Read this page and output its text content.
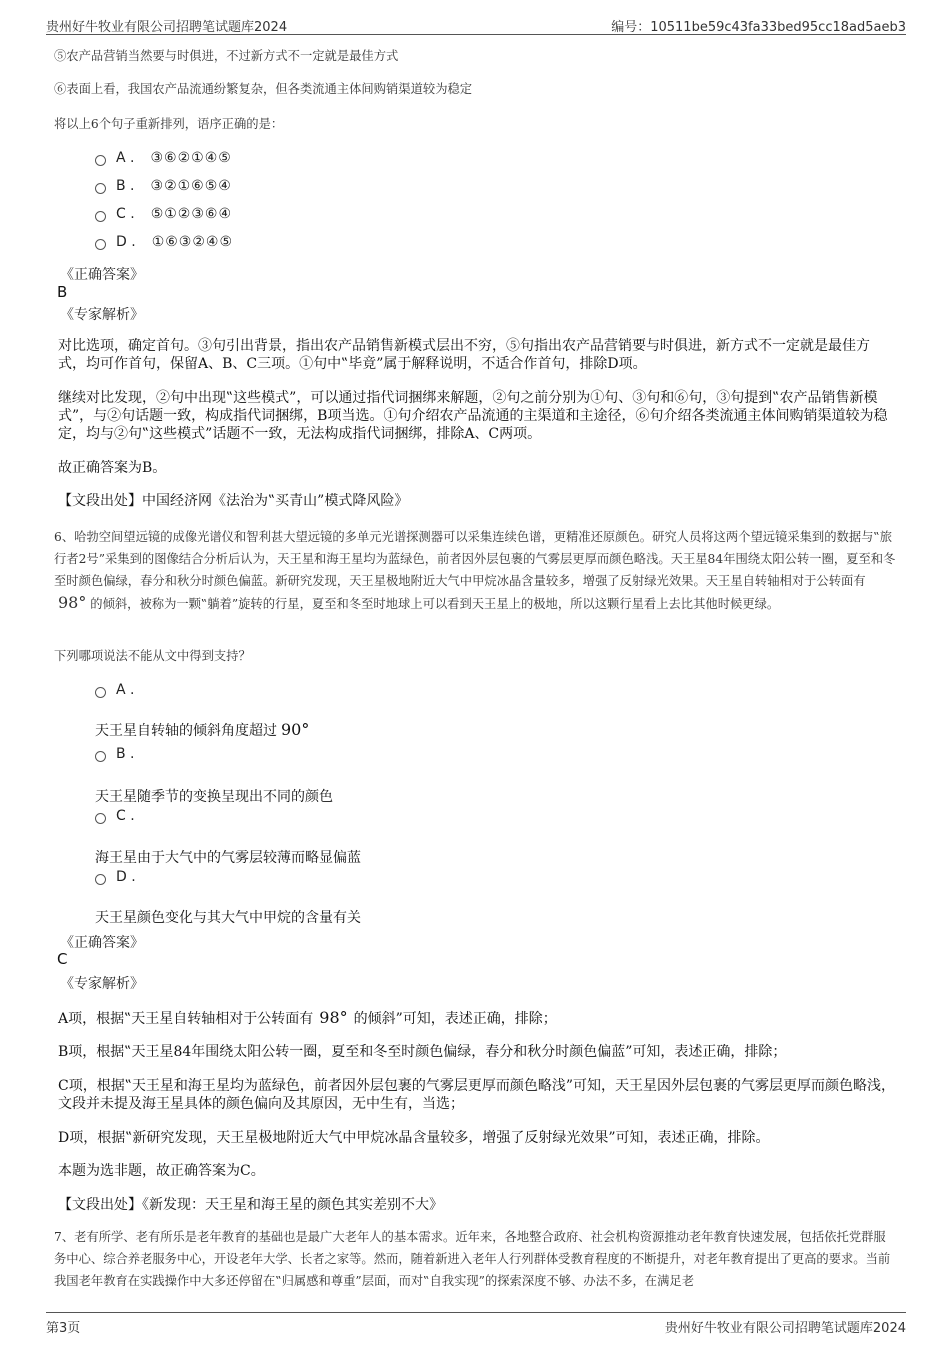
贵州好牛牧业有限公司招聘笔试题库2024	编号：10511be59c43fa33bed95cc18ad5aeb3
⑤农产品营销当然要与时俱进，不过新方式不一定就是最佳方式
⑥表面上看，我国农产品流通纷繁复杂，但各类流通主体间购销渠道较为稳定
将以上6个句子重新排列，语序正确的是：
A . ③⑥②①④⑤
B . ③②①⑥⑤④
C . ⑤①②③⑥④
D . ①⑥③②④⑤
《正确答案》
B
《专家解析》
对比选项，确定首句。③句引出背景，指出农产品销售新模式层出不穷，⑤句指出农产品营销要与时俱进，新方式不一定就是最佳方式，均可作首句，保留A、B、C三项。①句中‟毕竟”属于解释说明，不适合作首句，排除D项。
继续对比发现，②句中出现‟这些模式”，可以通过指代词捆绑来解题，②句之前分别为①句、③句和⑥句，③句提到‟农产品销售新模式”，与②句话题一致，构成指代词捆绑，B项当选。①句介绍农产品流通的主渠道和主途径，⑥句介绍各类流通主体间购销渠道较为稳定，均与②句‟这些模式”话题不一致，无法构成指代词捆绑，排除A、C两项。
故正确答案为B。
【文段出处】中国经济网《法治为‟买青山”模式降风险》
6、哈勃空间望远镜的成像光谱仪和智利甚大望远镜的多单元光谱探测器可以采集连续色谱，更精准还原颜色。研究人员将这两个望远镜采集到的数据与‟旅行者2号”采集到的图像结合分析后认为，天王星和海王星均为蓝绿色，前者因外层包裹的气雾层更厚而颜色略浅。天王星84年围绕太阳公转一圈，夏至和冬至时颜色偏绿，春分和秋分时颜色偏蓝。新研究发现，天王星极地附近大气中甲烷冰晶含量较多，增强了反射绿光效果。天王星自转轴相对于公转面有 98° 的倾斜，被称为一颗‟躺着”旋转的行星，夏至和冬至时地球上可以看到天王星上的极地，所以这颗行星看上去比其他时候更绿。
下列哪项说法不能从文中得到支持？
A .
天王星自转轴的倾斜角度超过 90°
B .
天王星随季节的变换呈现出不同的颜色
C .
海王星由于大气中的气雾层较薄而略显偏蓝
D .
天王星颜色变化与其大气中甲烷的含量有关
《正确答案》
C
《专家解析》
A项，根据‟天王星自转轴相对于公转面有 98° 的倾斜”可知，表述正确，排除；
B项，根据‟天王星84年围绕太阳公转一圈，夏至和冬至时颜色偏绿，春分和秋分时颜色偏蓝”可知，表述正确，排除；
C项，根据‟天王星和海王星均为蓝绿色，前者因外层包裹的气雾层更厚而颜色略浅”可知，天王星因外层包裹的气雾层更厚而颜色略浅，文段并未提及海王星具体的颜色偏向及其原因，无中生有，当选；
D项，根据‟新研究发现，天王星极地附近大气中甲烷冰晶含量较多，增强了反射绿光效果”可知，表述正确，排除。
本题为选非题，故正确答案为C。
【文段出处】《新发现：天王星和海王星的颜色其实差别不大》
7、老有所学、老有所乐是老年教育的基础也是最广大老年人的基本需求。近年来，各地整合政府、社会机构资源推动老年教育快速发展，包括依托党群服务中心、综合养老服务中心，开设老年大学、长者之家等。然而，随着新进入老年人行列群体受教育程度的不断提升，对老年教育提出了更高的要求。当前我国老年教育在实践操作中大多还停留在‟归属感和尊重”层面，而对‟自我实现”的探索深度不够、办法不多，在满足老
第3页	贵州好牛牧业有限公司招聘笔试题库2024
